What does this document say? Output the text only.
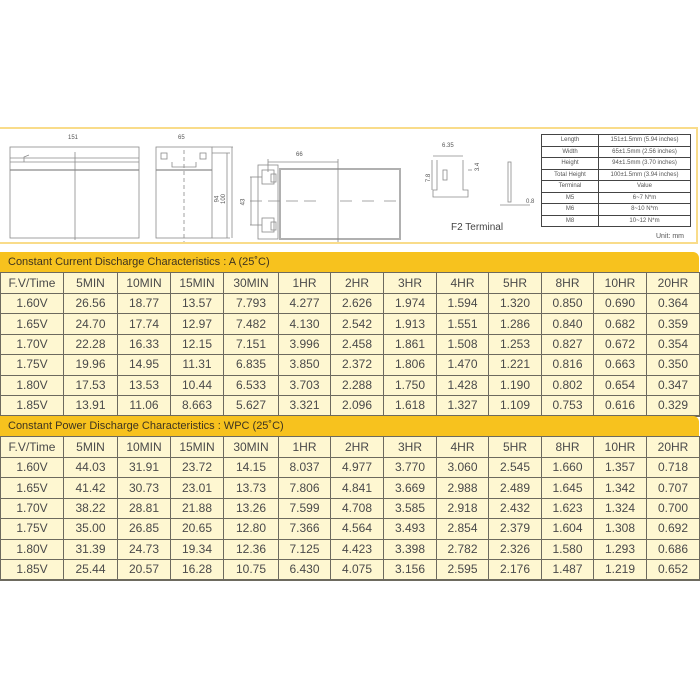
151	65
94 100
66
43
6.35
7.8
3.4
0.8
F2 Terminal
Length	151±1.5mm (5.94 inches)
Width	65±1.5mm (2.56 inches)
Height	94±1.5mm (3.70 inches)
Total Height	100±1.5mm (3.94 inches)
Terminal	Value
M5	6~7 N*m
M6	8~10 N*m
M8	10~12 N*m
Unit: mm
Constant Current Discharge Characteristics : A (25˚C)
F.V/Time	5MIN	10MIN	15MIN	30MIN	1HR	2HR	3HR	4HR	5HR	8HR	10HR	20HR
1.60V	26.56	18.77	13.57	7.793	4.277	2.626	1.974	1.594	1.320	0.850	0.690	0.364
1.65V	24.70	17.74	12.97	7.482	4.130	2.542	1.913	1.551	1.286	0.840	0.682	0.359
1.70V	22.28	16.33	12.15	7.151	3.996	2.458	1.861	1.508	1.253	0.827	0.672	0.354
1.75V	19.96	14.95	11.31	6.835	3.850	2.372	1.806	1.470	1.221	0.816	0.663	0.350
1.80V	17.53	13.53	10.44	6.533	3.703	2.288	1.750	1.428	1.190	0.802	0.654	0.347
1.85V	13.91	11.06	8.663	5.627	3.321	2.096	1.618	1.327	1.109	0.753	0.616	0.329
Constant Power Discharge Characteristics : WPC (25˚C)
F.V/Time	5MIN	10MIN	15MIN	30MIN	1HR	2HR	3HR	4HR	5HR	8HR	10HR	20HR
1.60V	44.03	31.91	23.72	14.15	8.037	4.977	3.770	3.060	2.545	1.660	1.357	0.718
1.65V	41.42	30.73	23.01	13.73	7.806	4.841	3.669	2.988	2.489	1.645	1.342	0.707
1.70V	38.22	28.81	21.88	13.26	7.599	4.708	3.585	2.918	2.432	1.623	1.324	0.700
1.75V	35.00	26.85	20.65	12.80	7.366	4.564	3.493	2.854	2.379	1.604	1.308	0.692
1.80V	31.39	24.73	19.34	12.36	7.125	4.423	3.398	2.782	2.326	1.580	1.293	0.686
1.85V	25.44	20.57	16.28	10.75	6.430	4.075	3.156	2.595	2.176	1.487	1.219	0.652
